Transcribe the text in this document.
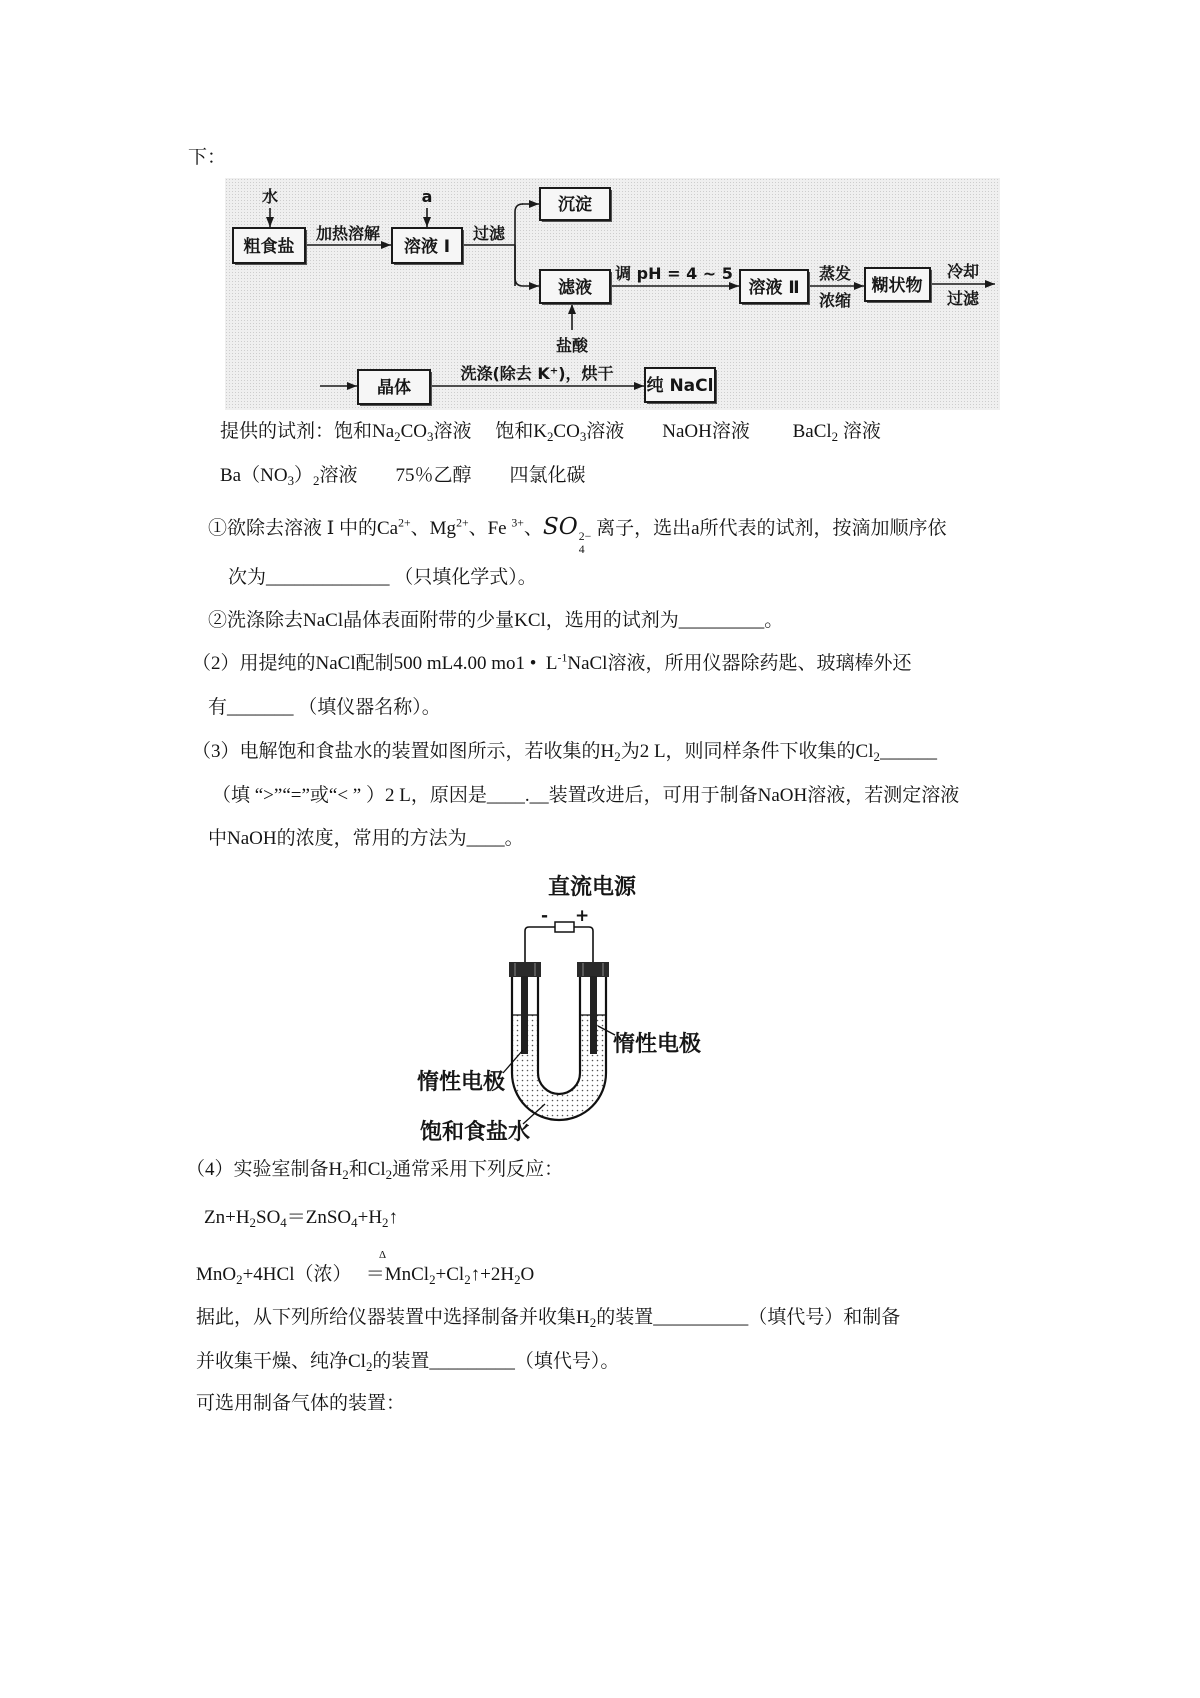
下：
粗食盐	溶液 Ⅰ
沉淀
滤液	溶液 Ⅱ	糊状物
晶体	纯 NaCl
水	a
加热溶解	过滤
调 pH = 4 ~ 5
盐酸
蒸发
浓缩
冷却
过滤
洗涤(除去 K⁺)，烘干
提供的试剂：饱和$Na_2CO_3$溶液　 饱和$K_2CO_3$溶液　　NaOH溶液　　 BaCl$_2$ 溶液
$Ba(NO_3)_2$溶液　　75％乙醇　　四氯化碳
①欲除去溶液 Ⅰ 中的$Ca^{2+}$、$Mg^{2+}$、Fe $^{3+}$、SO 2−
4
离子，选出a所代表的试剂，按滴加顺序依
次为_____________ （只填化学式）。
②洗涤除去NaCl晶体表面附带的少量KCl，选用的试剂为_________。
（2）用提纯的NaCl配制500 mL4.00 mo1 •  $L^{-1}NaCl$溶液，所用仪器除药匙、玻璃棒外还
有_______ （填仪器名称）。
（3）电解饱和食盐水的装置如图所示，若收集的$H_2$为2 L，则同样条件下收集的$Cl_2\_\_\_\_\_\_$
（填 “>”“=”或“< ” ）2 L，原因是____.__装置改进后，可用于制备NaOH溶液，若测定溶液
中NaOH的浓度，常用的方法为____。
直流电源
- +
惰性电极
惰性电极
饱和食盐水
（4）实验室制备$H_2$和$Cl_2$通常采用下列反应：
$Zn+H_2SO_4=ZnSO_4+H_2↑$
Δ
MnO$_2$+4HCl（浓）　 $=MnCl_2+Cl_2↑+2H_2O$
据此，从下列所给仪器装置中选择制备并收集$H_2$的装置__________（填代号）和制备
并收集干燥、纯净$Cl_2$的装置_________（填代号）。
可选用制备气体的装置：
